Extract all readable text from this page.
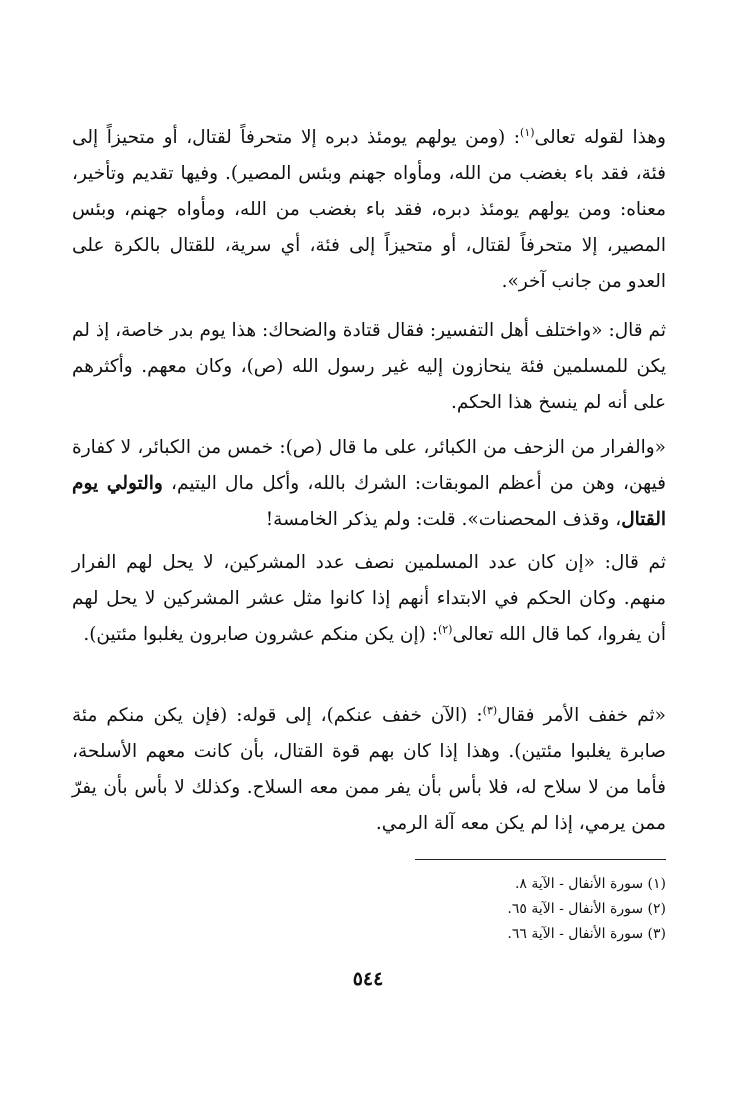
وهذا لقوله تعالى$^{(١)}$: (ومن يولهم يومئذ دبره إلا متحرفاً لقتال، أو متحيزاً إلى فئة، فقد باء بغضب من الله، ومأواه جهنم وبئس المصير). وفيها تقديم وتأخير، معناه: ومن يولهم يومئذ دبره، فقد باء بغضب من الله، ومأواه جهنم، وبئس المصير، إلا متحرفاً لقتال، أو متحيزاً إلى فئة، أي سرية، للقتال بالكرة على العدو من جانب آخر».

ثم قال: «واختلف أهل التفسير: فقال قتادة والضحاك: هذا يوم بدر خاصة، إذ لم يكن للمسلمين فئة ينحازون إليه غير رسول الله (ص)، وكان معهم. وأكثرهم على أنه لم ينسخ هذا الحكم.

«والفرار من الزحف من الكبائر، على ما قال (ص): خمس من الكبائر، لا كفارة فيهن، وهن من أعظم الموبقات: الشرك بالله، وأكل مال اليتيم، والتولي يوم القتال، وقذف المحصنات». قلت: ولم يذكر الخامسة!

ثم قال: «إن كان عدد المسلمين نصف عدد المشركين، لا يحل لهم الفرار منهم. وكان الحكم في الابتداء أنهم إذا كانوا مثل عشر المشركين لا يحل لهم أن يفروا، كما قال الله تعالى$^{(٢)}$: (إن يكن منكم عشرون صابرون يغلبوا مئتين).

«ثم خفف الأمر فقال$^{(٣)}$: (الآن خفف عنكم)، إلى قوله: (فإن يكن منكم مئة صابرة يغلبوا مئتين). وهذا إذا كان بهم قوة القتال، بأن كانت معهم الأسلحة، فأما من لا سلاح له، فلا بأس بأن يفر ممن معه السلاح. وكذلك لا بأس بأن يفرّ ممن يرمي، إذا لم يكن معه آلة الرمي.

(١) سورة الأنفال - الآية ٨.
(٢) سورة الأنفال - الآية ٦٥.
(٣) سورة الأنفال - الآية ٦٦.
٥٤٤
